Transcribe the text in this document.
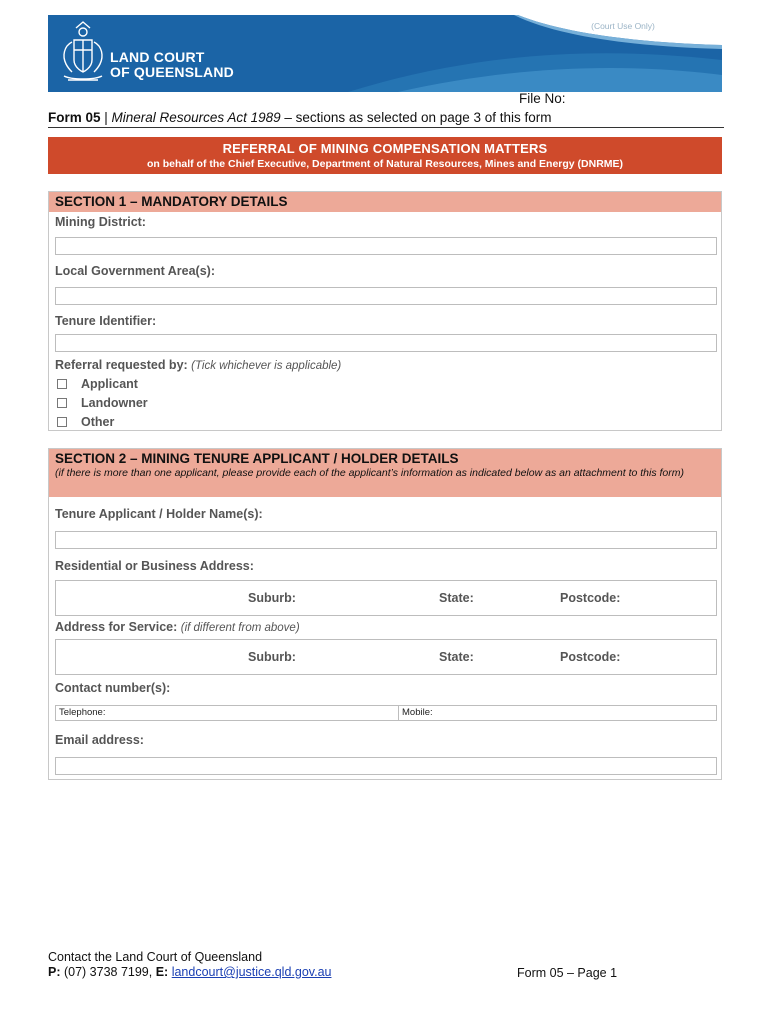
LAND COURT
OF QUEENSLAND
(Court Use Only)
File No:
Form 05 | Mineral Resources Act 1989 – sections as selected on page 3 of this form
REFERRAL OF MINING COMPENSATION MATTERS
on behalf of the Chief Executive, Department of Natural Resources, Mines and Energy (DNRME)
SECTION 1 – MANDATORY DETAILS
Mining District:
Local Government Area(s):
Tenure Identifier:
Referral requested by: (Tick whichever is applicable)
Applicant
Landowner
Other
SECTION 2 – MINING TENURE APPLICANT / HOLDER DETAILS
(if there is more than one applicant, please provide each of the applicant’s information as indicated below as an attachment to this form)
Tenure Applicant / Holder Name(s):
Residential or Business Address:
Suburb:	State:	Postcode:
Address for Service: (if different from above)
Suburb:	State:	Postcode:
Contact number(s):
Telephone:	Mobile:
Email address:
Contact the Land Court of Queensland
P: (07) 3738 7199, E: landcourt@justice.qld.gov.au	Form 05 – Page 1
